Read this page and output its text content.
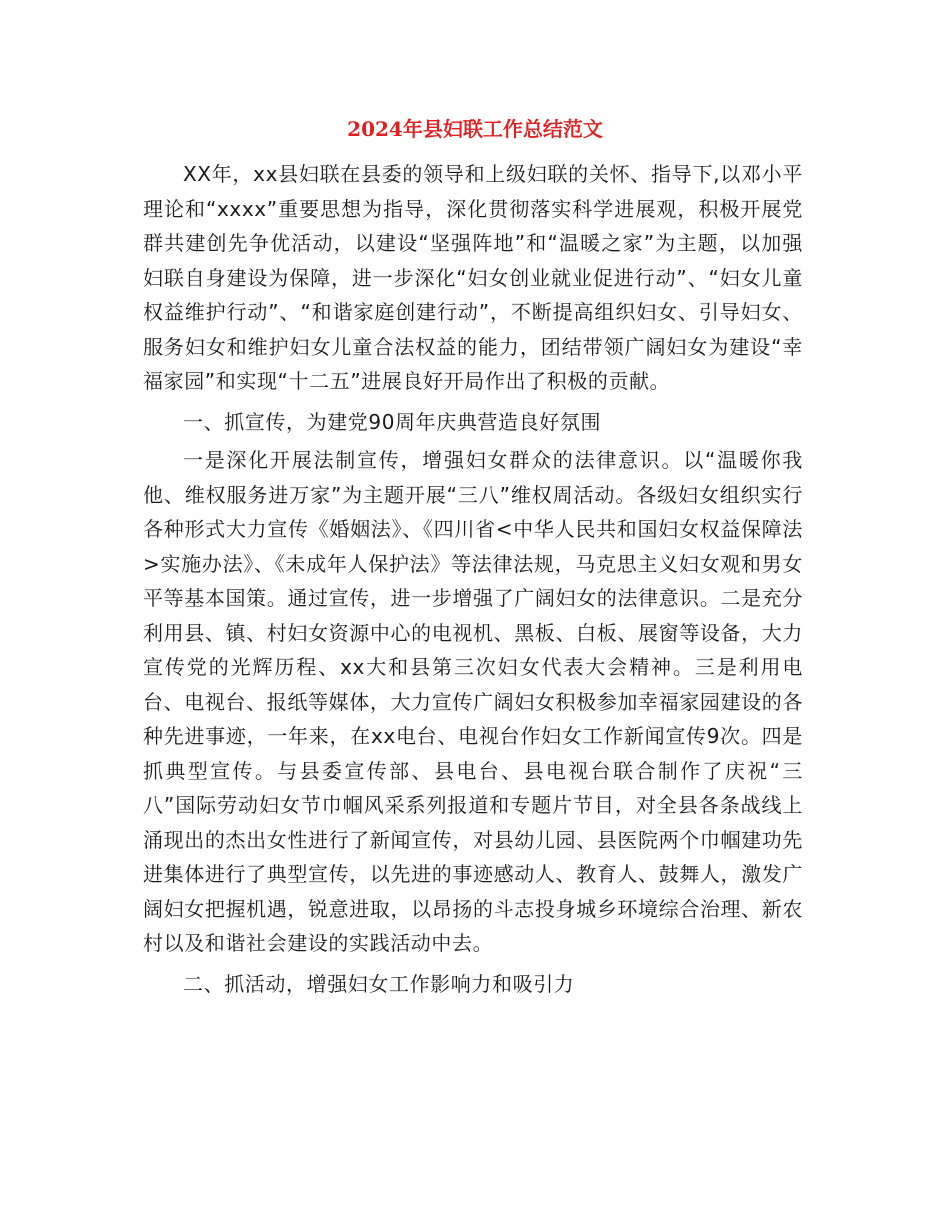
2024年县妇联工作总结范文

XX年，xx县妇联在县委的领导和上级妇联的关怀、指导下,以邓小平理论和“xxxx”重要思想为指导，深化贯彻落实科学进展观，积极开展党群共建创先争优活动，以建设“坚强阵地”和“温暖之家”为主题，以加强妇联自身建设为保障，进一步深化“妇女创业就业促进行动”、“妇女儿童权益维护行动”、“和谐家庭创建行动”，不断提高组织妇女、引导妇女、服务妇女和维护妇女儿童合法权益的能力，团结带领广阔妇女为建设“幸福家园”和实现“十二五”进展良好开局作出了积极的贡献。

一、抓宣传，为建党90周年庆典营造良好氛围

一是深化开展法制宣传，增强妇女群众的法律意识。以“温暖你我他、维权服务进万家”为主题开展“三八”维权周活动。各级妇女组织实行各种形式大力宣传《婚姻法》、《四川省<中华人民共和国妇女权益保障法>实施办法》、《未成年人保护法》等法律法规，马克思主义妇女观和男女平等基本国策。通过宣传，进一步增强了广阔妇女的法律意识。二是充分利用县、镇、村妇女资源中心的电视机、黑板、白板、展窗等设备，大力宣传党的光辉历程、xx大和县第三次妇女代表大会精神。三是利用电台、电视台、报纸等媒体，大力宣传广阔妇女积极参加幸福家园建设的各种先进事迹，一年来，在xx电台、电视台作妇女工作新闻宣传9次。四是抓典型宣传。与县委宣传部、县电台、县电视台联合制作了庆祝“三八”国际劳动妇女节巾帼风采系列报道和专题片节目，对全县各条战线上涌现出的杰出女性进行了新闻宣传，对县幼儿园、县医院两个巾帼建功先进集体进行了典型宣传，以先进的事迹感动人、教育人、鼓舞人，激发广阔妇女把握机遇，锐意进取，以昂扬的斗志投身城乡环境综合治理、新农村以及和谐社会建设的实践活动中去。

二、抓活动，增强妇女工作影响力和吸引力
